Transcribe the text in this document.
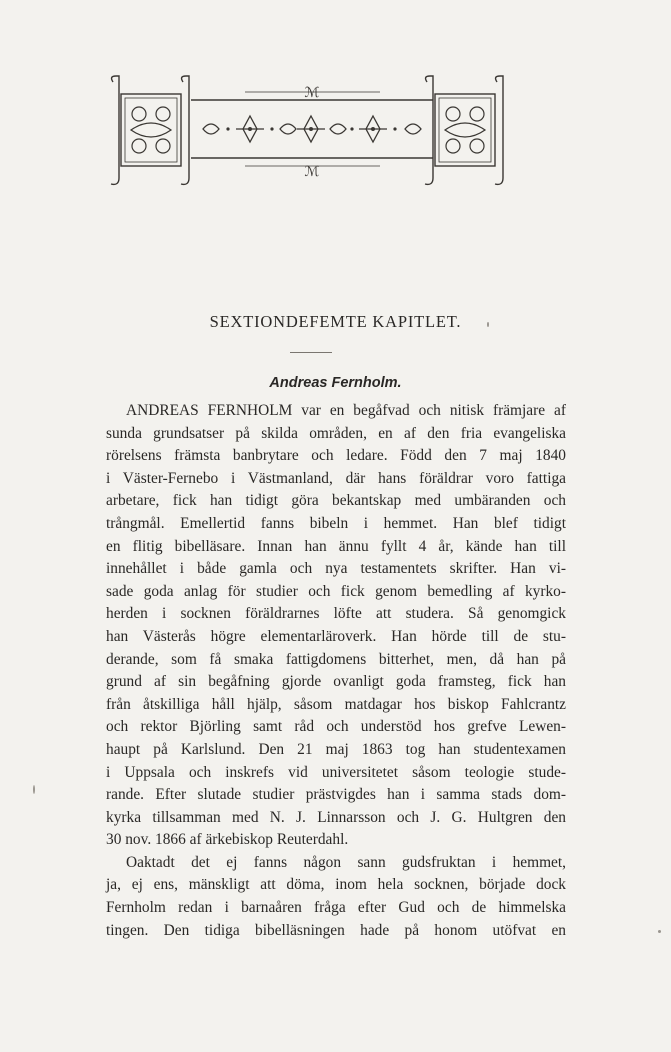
ℳ
ℳ
SEXTIONDEFEMTE KAPITLET.
Andreas Fernholm.
ANDREAS FERNHOLM var en begåfvad och nitisk främjare af
sunda grundsatser på skilda områden, en af den fria evangeliska
rörelsens främsta banbrytare och ledare. Född den 7 maj 1840
i Väster-Fernebo i Västmanland, där hans föräldrar voro fattiga
arbetare, fick han tidigt göra bekantskap med umbäranden och
trångmål. Emellertid fanns bibeln i hemmet. Han blef tidigt
en flitig bibelläsare. Innan han ännu fyllt 4 år, kände han till
innehållet i både gamla och nya testamentets skrifter. Han vi-
sade goda anlag för studier och fick genom bemedling af kyrko-
herden i socknen föräldrarnes löfte att studera. Så genomgick
han Västerås högre elementarläroverk. Han hörde till de stu-
derande, som få smaka fattigdomens bitterhet, men, då han på
grund af sin begåfning gjorde ovanligt goda framsteg, fick han
från åtskilliga håll hjälp, såsom matdagar hos biskop Fahlcrantz
och rektor Björling samt råd och understöd hos grefve Lewen-
haupt på Karlslund. Den 21 maj 1863 tog han studentexamen
i Uppsala och inskrefs vid universitetet såsom teologie stude-
rande. Efter slutade studier prästvigdes han i samma stads dom-
kyrka tillsamman med N. J. Linnarsson och J. G. Hultgren den
30 nov. 1866 af ärkebiskop Reuterdahl.
Oaktadt det ej fanns någon sann gudsfruktan i hemmet,
ja, ej ens, mänskligt att döma, inom hela socknen, började dock
Fernholm redan i barnaåren fråga efter Gud och de himmelska
tingen. Den tidiga bibelläsningen hade på honom utöfvat en
